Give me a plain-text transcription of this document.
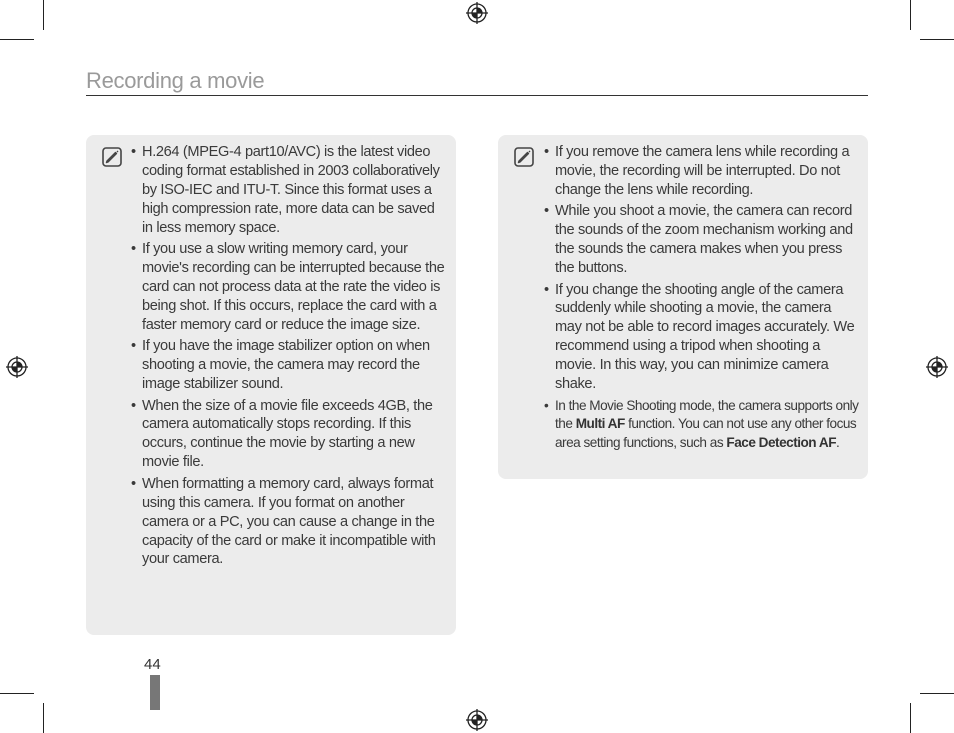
Recording a movie
• H.264 (MPEG-4 part10/AVC) is the latest video coding format established in 2003 collaboratively by ISO-IEC and ITU-T. Since this format uses a high compression rate, more data can be saved in less memory space.
• If you use a slow writing memory card, your movie's recording can be interrupted because the card can not process data at the rate the video is being shot. If this occurs, replace the card with a faster memory card or reduce the image size.
• If you have the image stabilizer option on when shooting a movie, the camera may record the image stabilizer sound.
• When the size of a movie file exceeds 4GB, the camera automatically stops recording. If this occurs, continue the movie by starting a new movie file.
• When formatting a memory card, always format using this camera. If you format on another camera or a PC, you can cause a change in the capacity of the card or make it incompatible with your camera.
• If you remove the camera lens while recording a movie, the recording will be interrupted. Do not change the lens while recording.
• While you shoot a movie, the camera can record the sounds of the zoom mechanism working and the sounds the camera makes when you press the buttons.
• If you change the shooting angle of the camera suddenly while shooting a movie, the camera may not be able to record images accurately. We recommend using a tripod when shooting a movie. In this way, you can minimize camera shake.
• In the Movie Shooting mode, the camera supports only the Multi AF function. You can not use any other focus area setting functions, such as Face Detection AF.
44
